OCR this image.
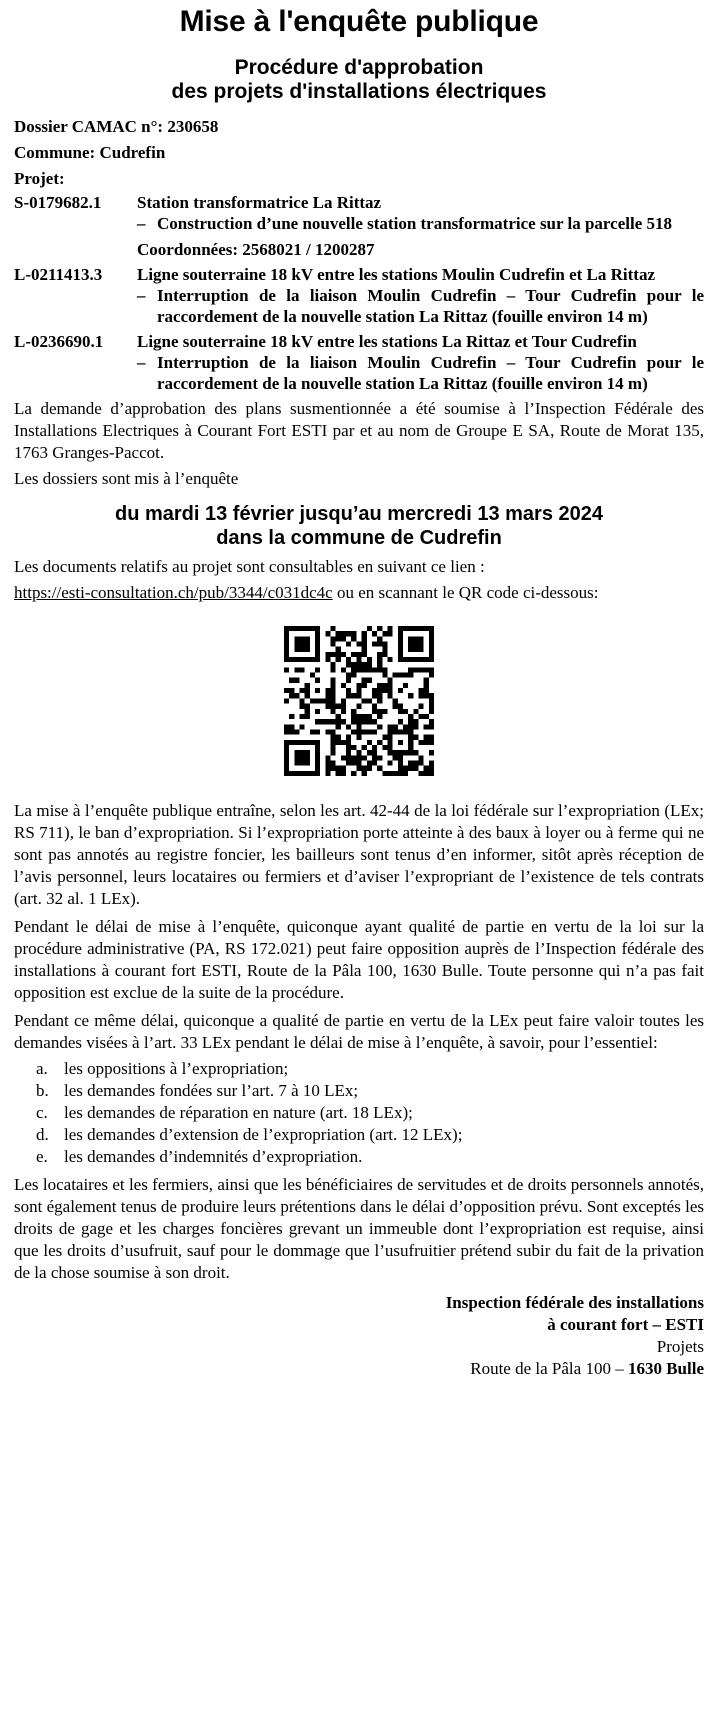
Mise à l'enquête publique
Procédure d'approbation
des projets d'installations électriques
Dossier CAMAC n°: 230658
Commune: Cudrefin
Projet:
S-0179682.1	Station transformatrice La Rittaz
– Construction d’une nouvelle station transformatrice sur la parcelle 518
Coordonnées: 2568021 / 1200287
L-0211413.3	Ligne souterraine 18 kV entre les stations Moulin Cudrefin et La Rittaz
– Interruption de la liaison Moulin Cudrefin – Tour Cudrefin pour le raccordement de la nouvelle station La Rittaz (fouille environ 14 m)
L-0236690.1	Ligne souterraine 18 kV entre les stations La Rittaz et Tour Cudrefin
– Interruption de la liaison Moulin Cudrefin – Tour Cudrefin pour le raccordement de la nouvelle station La Rittaz (fouille environ 14 m)

La demande d’approbation des plans susmentionnée a été soumise à l’Inspection Fédérale des Installations Electriques à Courant Fort ESTI par et au nom de Groupe E SA, Route de Morat 135, 1763 Granges-Paccot.

Les dossiers sont mis à l’enquête

du mardi 13 février jusqu’au mercredi 13 mars 2024
dans la commune de Cudrefin

Les documents relatifs au projet sont consultables en suivant ce lien :

https://esti-consultation.ch/pub/3344/c031dc4c ou en scannant le QR code ci-dessous:

La mise à l’enquête publique entraîne, selon les art. 42-44 de la loi fédérale sur l’expropriation (LEx; RS 711), le ban d’expropriation. Si l’expropriation porte atteinte à des baux à loyer ou à ferme qui ne sont pas annotés au registre foncier, les bailleurs sont tenus d’en informer, sitôt après réception de l’avis personnel, leurs locataires ou fermiers et d’aviser l’expropriant de l’existence de tels contrats (art. 32 al. 1 LEx).

Pendant le délai de mise à l’enquête, quiconque ayant qualité de partie en vertu de la loi sur la procédure administrative (PA, RS 172.021) peut faire opposition auprès de l’Inspection fédérale des installations à courant fort ESTI, Route de la Pâla 100, 1630 Bulle. Toute personne qui n’a pas fait opposition est exclue de la suite de la procédure.

Pendant ce même délai, quiconque a qualité de partie en vertu de la LEx peut faire valoir toutes les demandes visées à l’art. 33 LEx pendant le délai de mise à l’enquête, à savoir, pour l’essentiel:

a. les oppositions à l’expropriation;
b. les demandes fondées sur l’art. 7 à 10 LEx;
c. les demandes de réparation en nature (art. 18 LEx);
d. les demandes d’extension de l’expropriation (art. 12 LEx);
e. les demandes d’indemnités d’expropriation.

Les locataires et les fermiers, ainsi que les bénéficiaires de servitudes et de droits personnels annotés, sont également tenus de produire leurs prétentions dans le délai d’opposition prévu. Sont exceptés les droits de gage et les charges foncières grevant un immeuble dont l’expropriation est requise, ainsi que les droits d’usufruit, sauf pour le dommage que l’usufruitier prétend subir du fait de la privation de la chose soumise à son droit.

Inspection fédérale des installations
à courant fort – ESTI
Projets
Route de la Pâla 100 – 1630 Bulle
